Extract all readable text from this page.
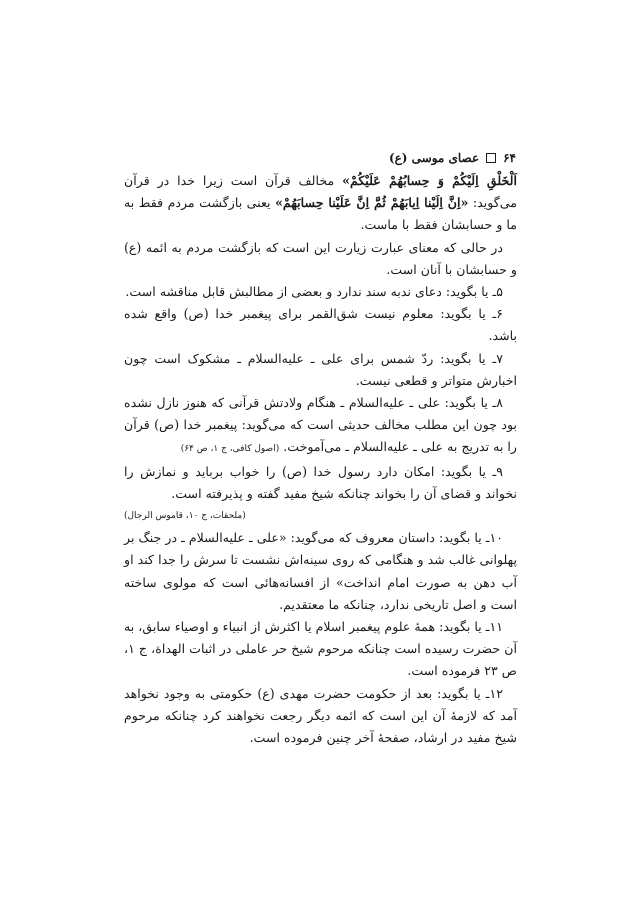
۶۴
عصای موسی (ع)

اَلْخَلْقِ اِلَیْکُمْ وَ حِسابُهُمْ عَلَیْکُمْ» مخالف قرآن است زیرا خدا در قرآن می‌گوید: «اِنَّ اِلَیْنا اِیابَهُمْ ثُمَّ اِنَّ عَلَیْنا حِسابَهُمْ» یعنی بازگشت مردم فقط به ما و حسابشان فقط با ماست.

در حالی که معنای عبارت زیارت این است که بازگشت مردم به ائمه (ع) و حسابشان با آنان است.

۵ـ یا بگوید: دعای ندبه سند ندارد و بعضی از مطالبش قابل مناقشه است.

۶ـ یا بگوید: معلوم نیست شق‌القمر برای پیغمبر خدا (ص) واقع شده باشد.

۷ـ یا بگوید: ردّ شمس برای علی ـ علیه‌السلام ـ مشکوک است چون اخبارش متواتر و قطعی نیست.

۸ـ یا بگوید: علی ـ علیه‌السلام ـ هنگام ولادتش قرآنی که هنوز نازل نشده بود چون این مطلب مخالف حدیثی است که می‌گوید: پیغمبر خدا (ص) قرآن را به تدریج به علی ـ علیه‌السلام ـ می‌آموخت. (اصول کافی، ج ۱، ص ۶۴)

۹ـ یا بگوید: امکان دارد رسول خدا (ص) را خواب برباید و نمازش را نخواند و قضای آن را بخواند چنانکه شیخ مفید گفته و پذیرفته است.

(ملحقات، ج ۱۰، قاموس الرجال)

۱۰ـ یا بگوید: داستان معروف که می‌گوید: «علی ـ علیه‌السلام ـ در جنگ بر پهلوانی غالب شد و هنگامی که روی سینه‌اش نشست تا سرش را جدا کند او آب دهن به صورت امام انداخت» از افسانه‌هائی است که مولوی ساخته است و اصل تاریخی ندارد، چنانکه ما معتقدیم.

۱۱ـ یا بگوید: همهٔ علوم پیغمبر اسلام یا اکثرش از انبیاء و اوصیاء سابق، به آن حضرت رسیده است چنانکه مرحوم شیخ حر عاملی در اثبات الهداة، ج ۱، ص ۲۳ فرموده است.

۱۲ـ یا بگوید: بعد از حکومت حضرت مهدی (ع) حکومتی به وجود نخواهد آمد که لازمهٔ آن این است که ائمه دیگر رجعت نخواهند کرد چنانکه مرحوم شیخ مفید در ارشاد، صفحهٔ آخر چنین فرموده است.
